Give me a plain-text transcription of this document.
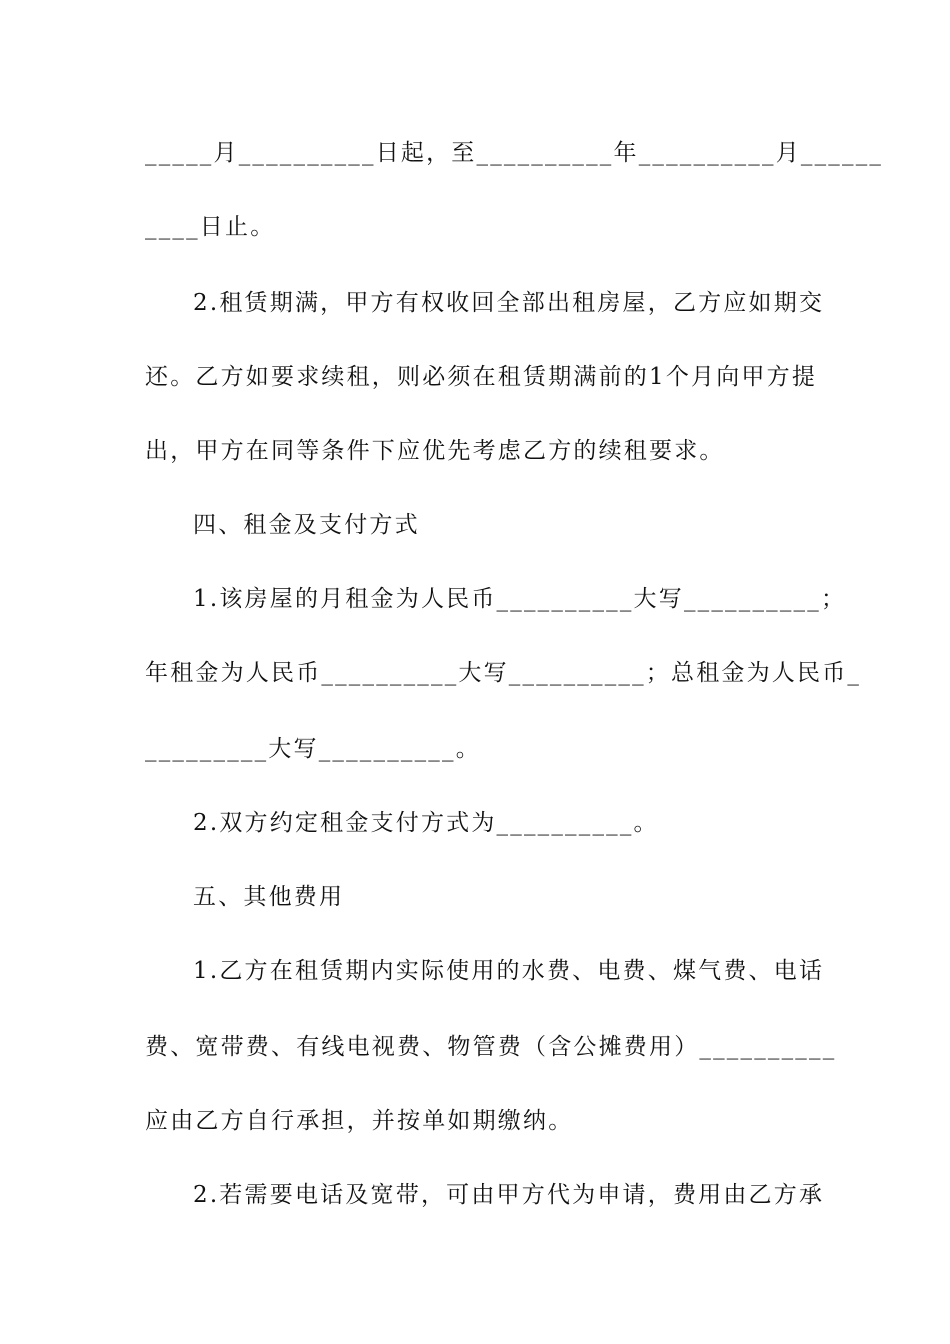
_____月__________日起，至__________年__________月______
____日止。
2.租赁期满，甲方有权收回全部出租房屋，乙方应如期交
还。乙方如要求续租，则必须在租赁期满前的1个月向甲方提
出，甲方在同等条件下应优先考虑乙方的续租要求。
四、租金及支付方式
1.该房屋的月租金为人民币__________大写__________；
年租金为人民币__________大写__________；总租金为人民币_
_________大写__________。
2.双方约定租金支付方式为__________。
五、其他费用
1.乙方在租赁期内实际使用的水费、电费、煤气费、电话
费、宽带费、有线电视费、物管费（含公摊费用）__________
应由乙方自行承担，并按单如期缴纳。
2.若需要电话及宽带，可由甲方代为申请，费用由乙方承
